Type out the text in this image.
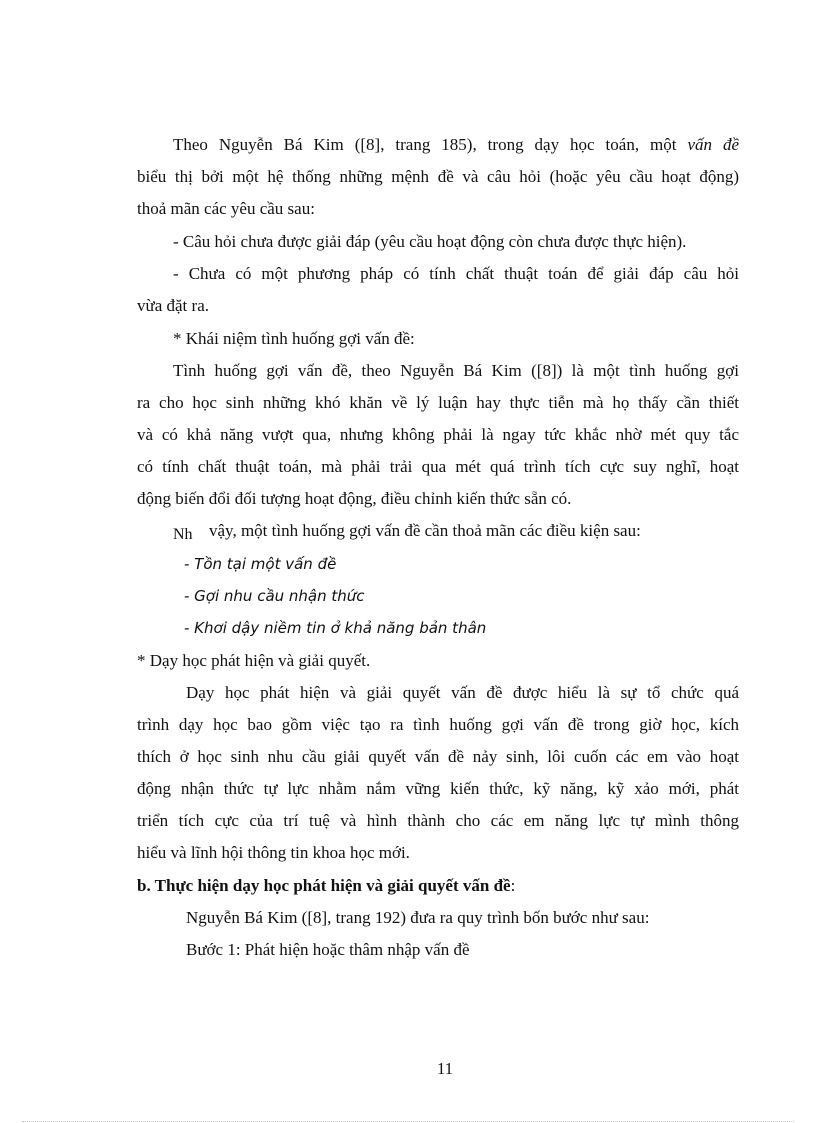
Theo Nguyễn Bá Kim ([8], trang 185), trong dạy học toán, một vấn đề
biểu thị bởi một hệ thống những mệnh đề và câu hỏi (hoặc yêu cầu hoạt động)
thoả mãn các yêu cầu sau:
- Câu hỏi chưa được giải đáp (yêu cầu hoạt động còn chưa được thực hiện).
- Chưa có một phương pháp có tính chất thuật toán để giải đáp câu hỏi
vừa đặt ra.
* Khái niệm tình huống gợi vấn đề:
Tình huống gợi vấn đề, theo Nguyễn Bá Kim ([8]) là một tình huống gợi
ra cho học sinh những khó khăn về lý luận hay thực tiễn mà họ thấy cần thiết
và có khả năng vượt qua, nhưng không phải là ngay tức khắc nhờ mét quy tắc
có tính chất thuật toán, mà phải trải qua mét quá trình tích cực suy nghĩ, hoạt
động biến đổi đối tượng hoạt động, điều chỉnh kiến thức sẵn có.
Nh vậy, một tình huống gợi vấn đề cần thoả mãn các điều kiện sau:
- Tồn tại một vấn đề
- Gợi nhu cầu nhận thức
- Khơi dậy niềm tin ở khả năng bản thân
* Dạy học phát hiện và giải quyết.
Dạy học phát hiện và giải quyết vấn đề được hiểu là sự tổ chức quá
trình dạy học bao gồm việc tạo ra tình huống gợi vấn đề trong giờ học, kích
thích ở học sinh nhu cầu giải quyết vấn đề nảy sinh, lôi cuốn các em vào hoạt
động nhận thức tự lực nhằm nắm vững kiến thức, kỹ năng, kỹ xảo mới, phát
triển tích cực của trí tuệ và hình thành cho các em năng lực tự mình thông
hiểu và lĩnh hội thông tin khoa học mới.
b. Thực hiện dạy học phát hiện và giải quyết vấn đề:
Nguyễn Bá Kim ([8], trang 192) đưa ra quy trình bốn bước như sau:
Bước 1: Phát hiện hoặc thâm nhập vấn đề
11
